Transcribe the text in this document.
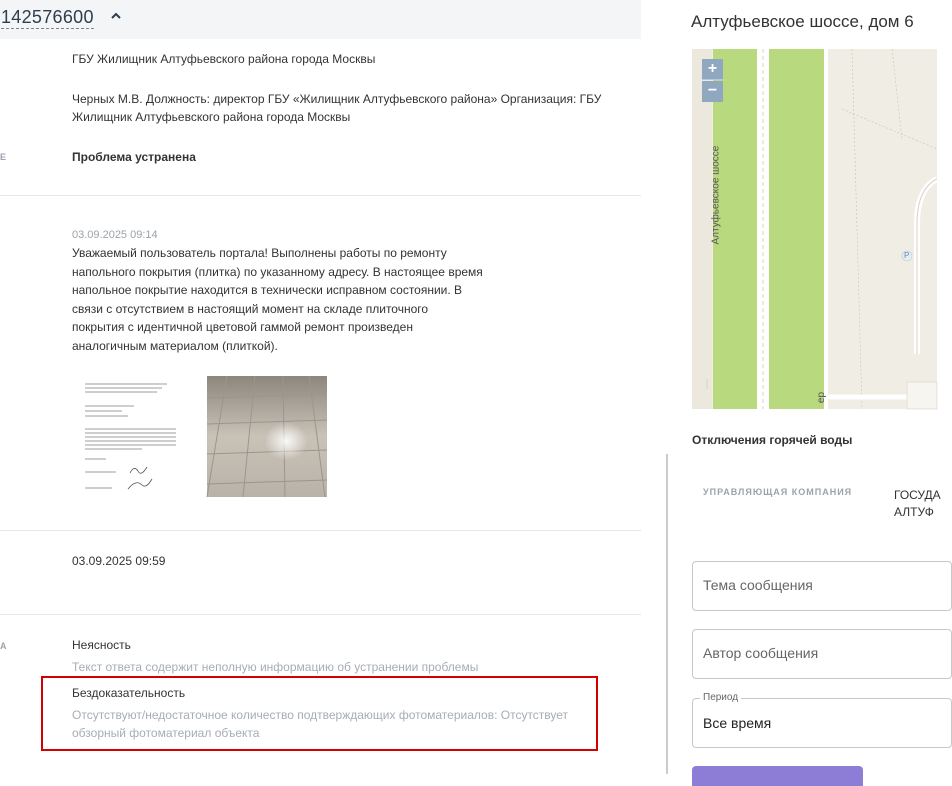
142576600
ГБУ Жилищник Алтуфьевского района города Москвы
Черных М.В. Должность: директор ГБУ «Жилищник Алтуфьевского района» Организация: ГБУ
Жилищник Алтуфьевского района города Москвы
Е	Проблема устранена
03.09.2025 09:14
Уважаемый пользователь портала! Выполнены работы по ремонту
напольного покрытия (плитка) по указанному адресу. В настоящее время
напольное покрытие находится в технически исправном состоянии. В
связи с отсутствием в настоящий момент на складе плиточного
покрытия с идентичной цветовой гаммой ремонт произведен
аналогичным материалом (плиткой).
03.09.2025 09:59
А	Неясность
Текст ответа содержит неполную информацию об устранении проблемы
Бездоказательность
Отсутствуют/недостаточное количество подтверждающих фотоматериалов: Отсутствует
обзорный фотоматериал объекта
Алтуфьевское шоссе, дом 6
Алтуфьевское шоссе
P
ер
+
−
Отключения горячей воды
УПРАВЛЯЮЩАЯ КОМПАНИЯ	ГОСУДА
АЛТУФ
Тема сообщения
Автор сообщения
Период
Все время
